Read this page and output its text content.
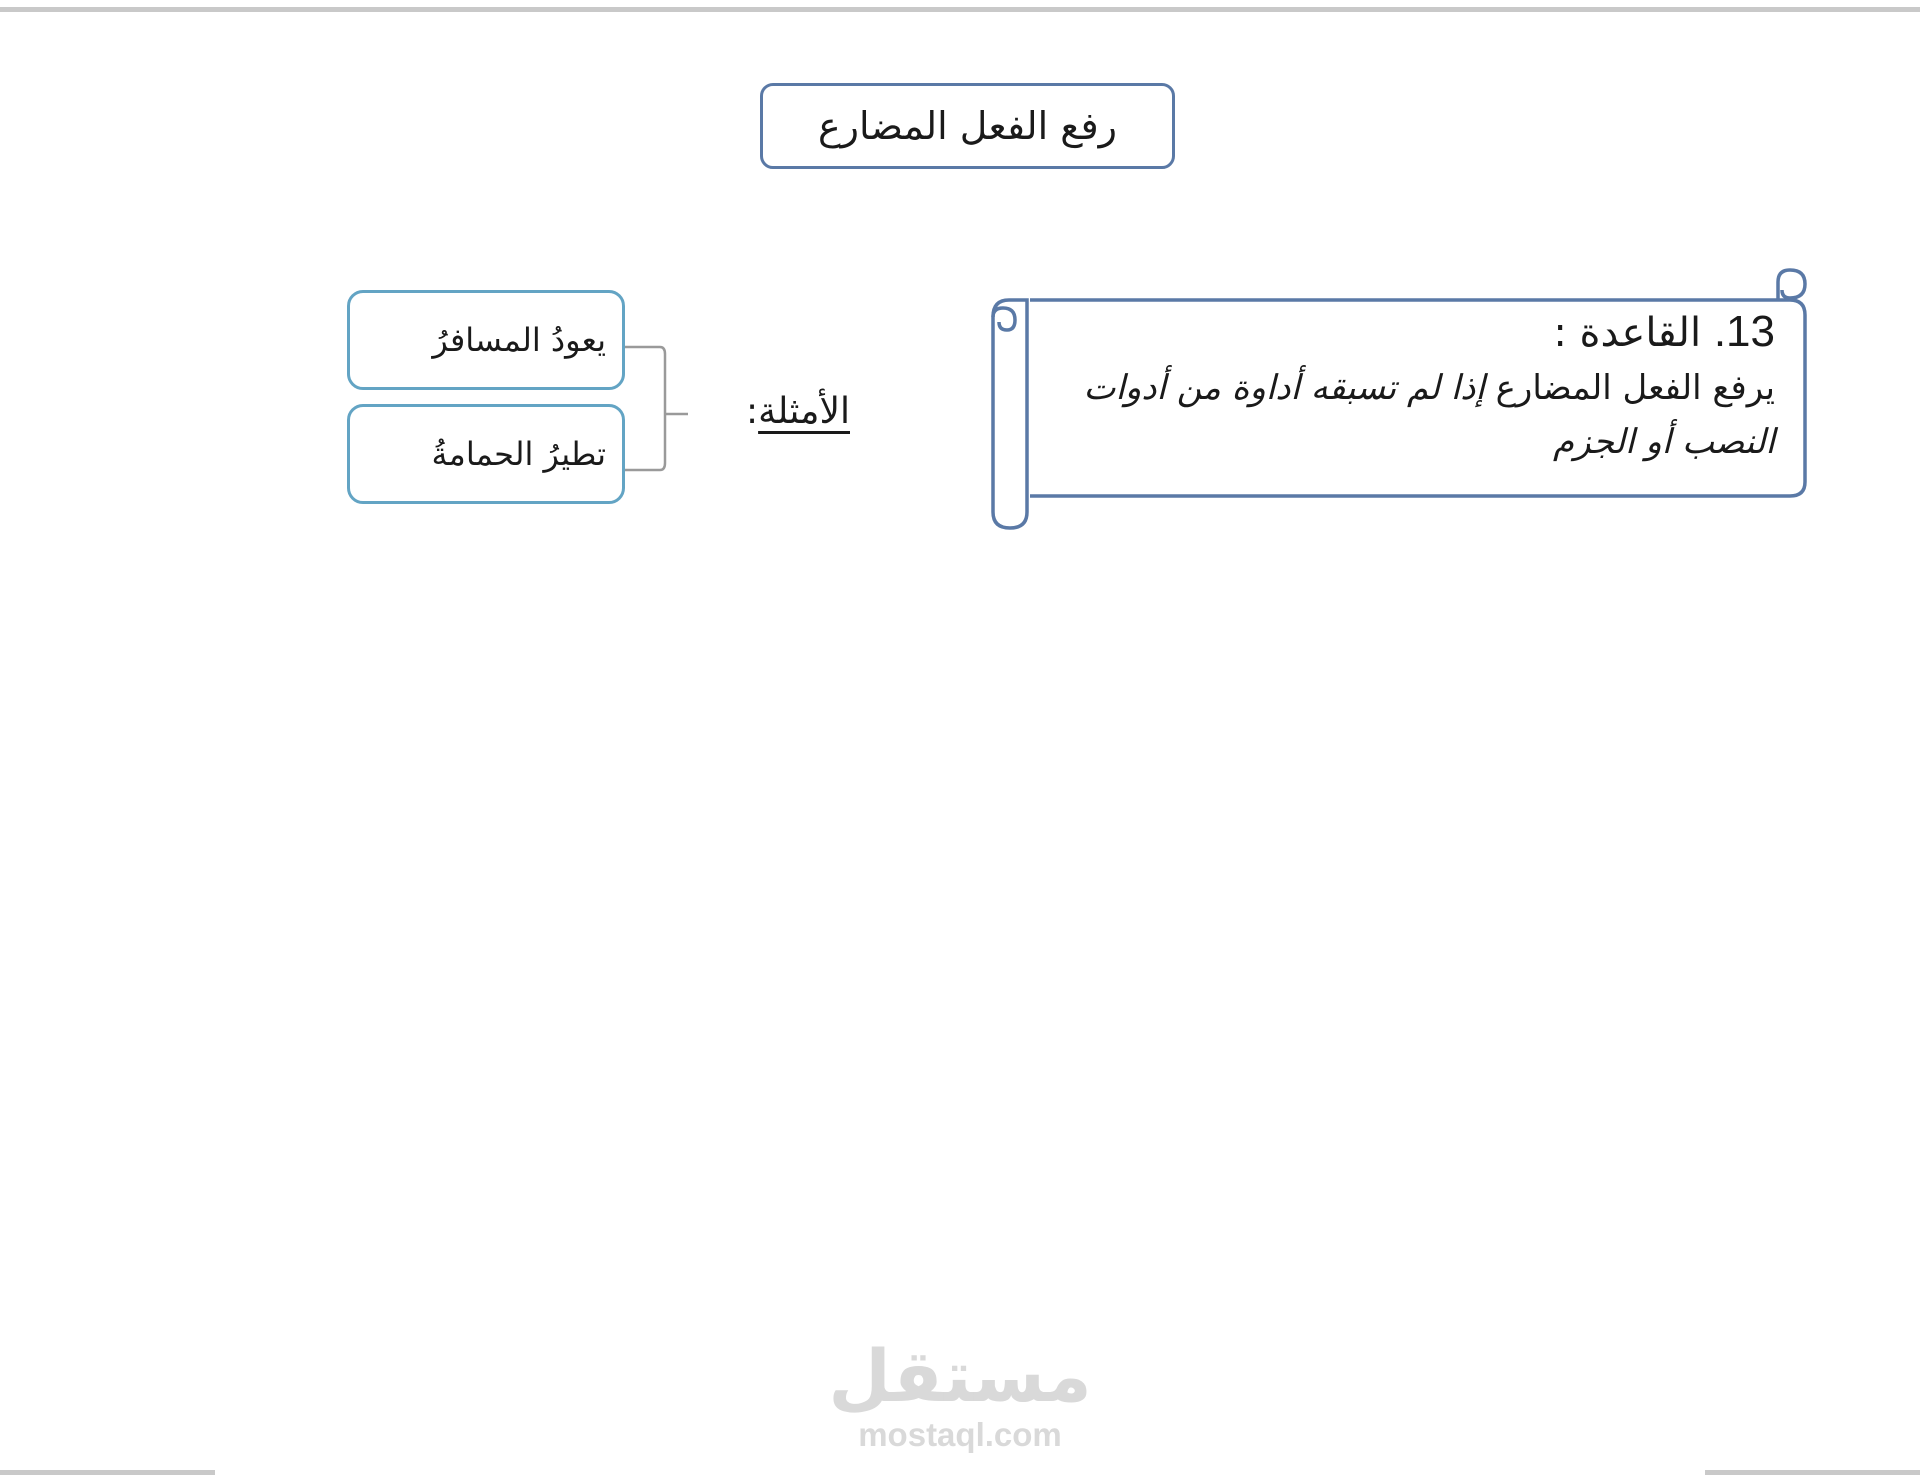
رفع الفعل المضارع
13. القاعدة :
يرفع الفعل المضارع إذا لم تسبقه أداوة من أدوات النصب أو الجزم
الأمثلة
:
يعودُ المسافرُ
تطيرُ الحمامةُ
مستقل
mostaql.com
